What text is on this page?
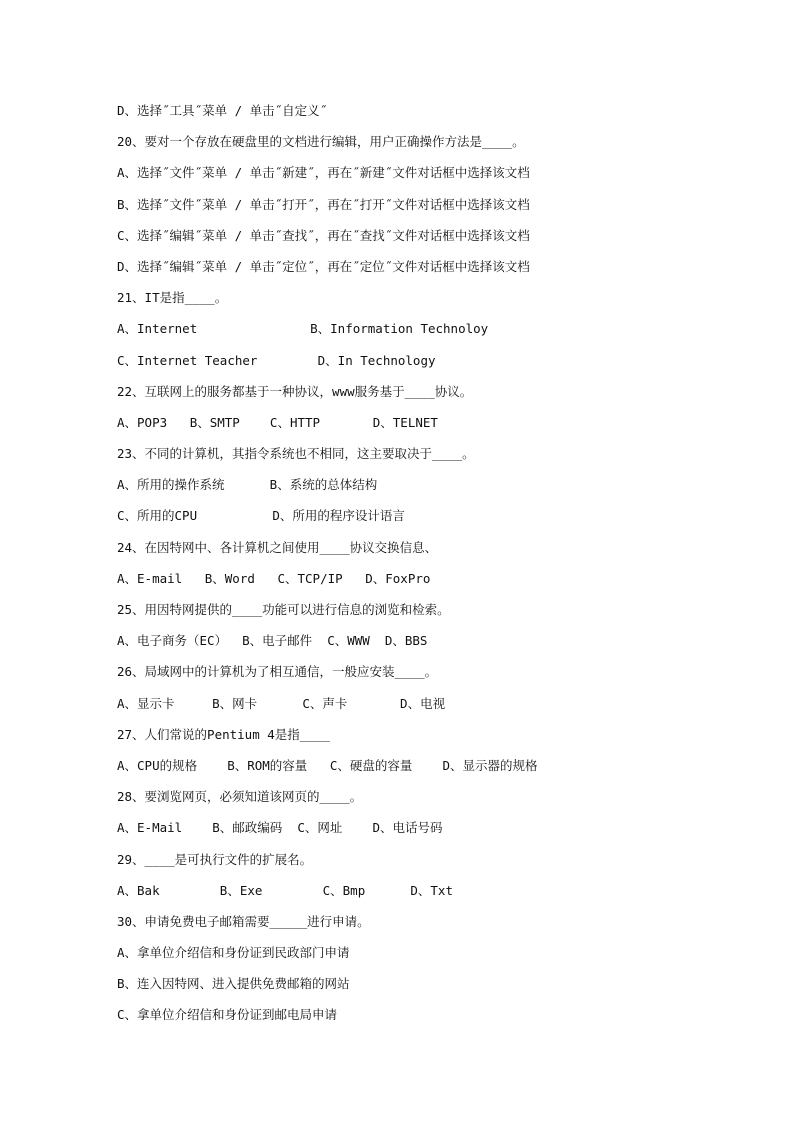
D、选择˝工具˝菜单 / 单击˝自定义˝
20、要对一个存放在硬盘里的文档进行编辑，用户正确操作方法是____。
A、选择˝文件˝菜单 / 单击˝新建˝，再在˝新建˝文件对话框中选择该文档
B、选择˝文件˝菜单 / 单击˝打开˝，再在˝打开˝文件对话框中选择该文档
C、选择˝编辑˝菜单 / 单击˝查找˝，再在˝查找˝文件对话框中选择该文档
D、选择˝编辑˝菜单 / 单击˝定位˝，再在˝定位˝文件对话框中选择该文档
21、IT是指____。
A、Internet               B、Information Technoloy
C、Internet Teacher        D、In Technology
22、互联网上的服务都基于一种协议，www服务基于____协议。
A、POP3   B、SMTP    C、HTTP       D、TELNET
23、不同的计算机，其指令系统也不相同，这主要取决于____。
A、所用的操作系统      B、系统的总体结构
C、所用的CPU          D、所用的程序设计语言
24、在因特网中、各计算机之间使用____协议交换信息、
A、E-mail   B、Word   C、TCP/IP   D、FoxPro
25、用因特网提供的____功能可以进行信息的浏览和检索。
A、电子商务（EC）  B、电子邮件  C、WWW  D、BBS
26、局域网中的计算机为了相互通信，一般应安装____。
A、显示卡     B、网卡      C、声卡       D、电视
27、人们常说的Pentium 4是指____
A、CPU的规格    B、ROM的容量   C、硬盘的容量    D、显示器的规格
28、要浏览网页，必须知道该网页的____。
A、E-Mail    B、邮政编码  C、网址    D、电话号码
29、____是可执行文件的扩展名。
A、Bak        B、Exe        C、Bmp      D、Txt
30、申请免费电子邮箱需要_____进行申请。
A、拿单位介绍信和身份证到民政部门申请
B、连入因特网、进入提供免费邮箱的网站
C、拿单位介绍信和身份证到邮电局申请
